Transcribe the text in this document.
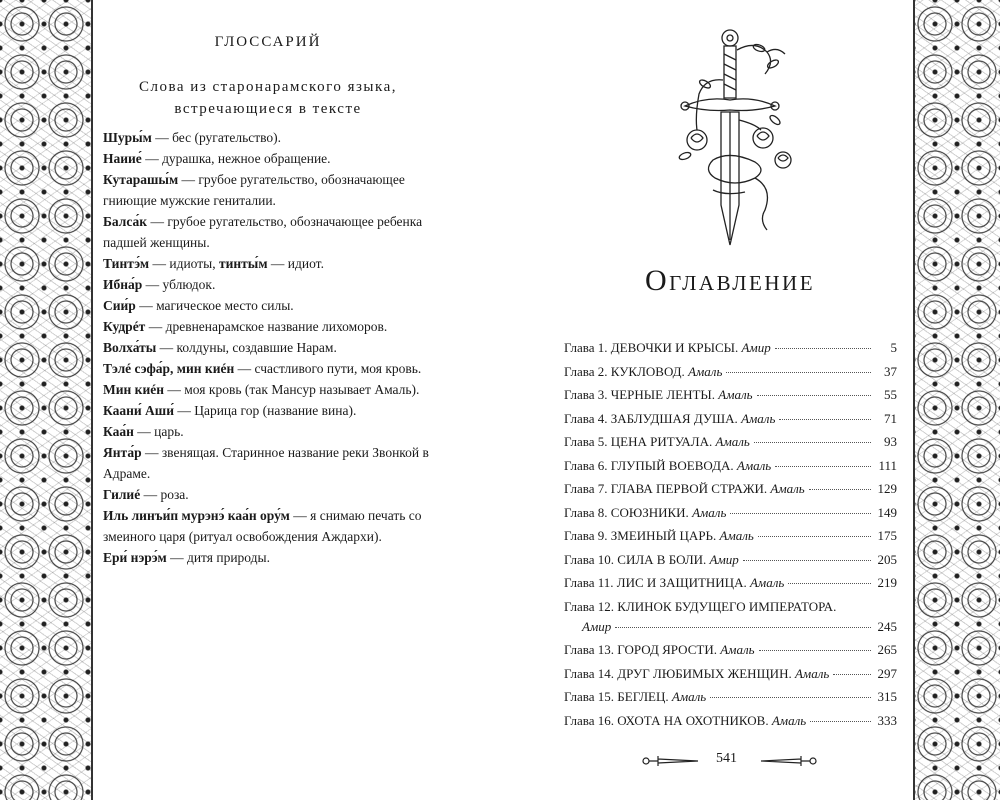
ГЛОССАРИЙ
Слова из старонарамского языка,
встречающиеся в тексте
Шуры́м — бес (ругательство).
Наиие́ — дурашка, нежное обращение.
Кутарашы́м — грубое ругательство, обозначающее гниющие мужские гениталии.
Балса́к — грубое ругательство, обозначающее ребенка падшей женщины.
Тинтэ́м — идиоты, тинты́м — идиот.
Ибна́р — ублюдок.
Сии́р — магическое место силы.
Кудрéт — древненарамское название лихоморов.
Волха́ты — колдуны, создавшие Нарам.
Тэлé сэфа́р, мин киéн — счастливого пути, моя кровь.
Мин киéн — моя кровь (так Мансур называет Амаль).
Каани́ Аши́ — Царица гор (название вина).
Каа́н — царь.
Янта́р — звенящая. Старинное название реки Звонкой в Адраме.
Гилиé — роза.
Иль линъи́п мурэнэ́ каа́н ору́м — я снимаю печать со змеиного царя (ритуал освобождения Аждархи).
Ери́ нэрэ́м — дитя природы.
Оглавление
Глава 1. ДЕВОЧКИ И КРЫСЫ. Амир	5
Глава 2. КУКЛОВОД. Амаль	37
Глава 3. ЧЕРНЫЕ ЛЕНТЫ. Амаль	55
Глава 4. ЗАБЛУДШАЯ ДУША. Амаль	71
Глава 5. ЦЕНА РИТУАЛА. Амаль	93
Глава 6. ГЛУПЫЙ ВОЕВОДА. Амаль	111
Глава 7. ГЛАВА ПЕРВОЙ СТРАЖИ. Амаль	129
Глава 8. СОЮЗНИКИ. Амаль	149
Глава 9. ЗМЕИНЫЙ ЦАРЬ. Амаль	175
Глава 10. СИЛА В БОЛИ. Амир	205
Глава 11. ЛИС И ЗАЩИТНИЦА. Амаль	219
Глава 12. КЛИНОК БУДУЩЕГО ИМПЕРАТОРА.
Амир	245
Глава 13. ГОРОД ЯРОСТИ. Амаль	265
Глава 14. ДРУГ ЛЮБИМЫХ ЖЕНЩИН. Амаль	297
Глава 15. БЕГЛЕЦ. Амаль	315
Глава 16. ОХОТА НА ОХОТНИКОВ. Амаль	333
541
